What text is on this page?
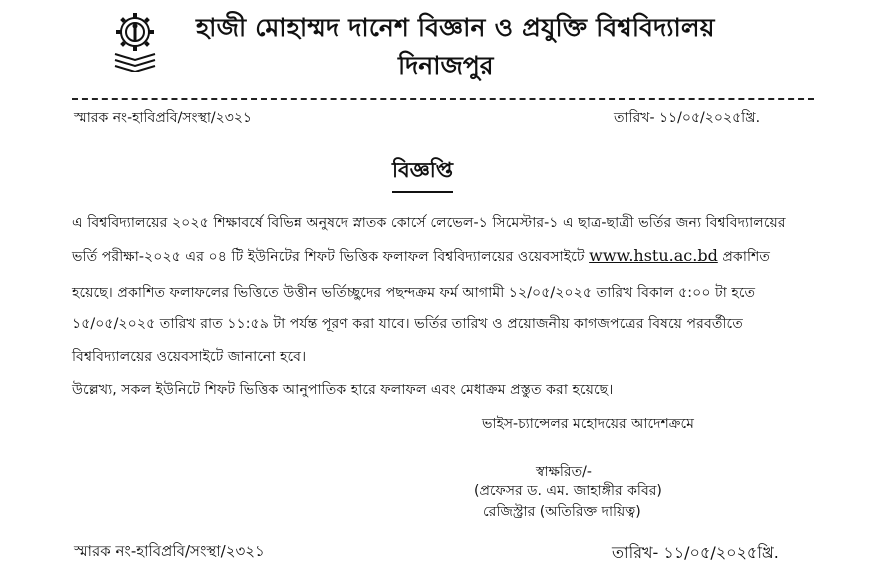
হাজী মোহাম্মদ দানেশ বিজ্ঞান ও প্রযুক্তি বিশ্ববিদ্যালয়
দিনাজপুর
স্মারক নং-হাবিপ্রবি/সংস্থা/২৩২১	তারিখ- ১১/০৫/২০২৫খ্রি.
বিজ্ঞপ্তি
এ বিশ্ববিদ্যালয়ের ২০২৫ শিক্ষাবর্ষে বিভিন্ন অনুষদে স্নাতক কোর্সে লেভেল-১ সিমেস্টার-১ এ ছাত্র-ছাত্রী ভর্তির জন্য বিশ্ববিদ্যালয়ের
ভর্তি পরীক্ষা-২০২৫ এর ০৪ টি ইউনিটের শিফট ভিত্তিক ফলাফল বিশ্ববিদ্যালয়ের ওয়েবসাইটে www.hstu.ac.bd প্রকাশিত
হয়েছে। প্রকাশিত ফলাফলের ভিত্তিতে উত্তীন ভর্তিচ্ছুদের পছন্দক্রম ফর্ম আগামী ১২/০৫/২০২৫ তারিখ বিকাল ৫:০০ টা হতে
১৫/০৫/২০২৫ তারিখ রাত ১১:৫৯ টা পর্যন্ত পূরণ করা যাবে। ভর্তির তারিখ ও প্রয়োজনীয় কাগজপত্রের বিষয়ে পরবর্তীতে
বিশ্ববিদ্যালয়ের ওয়েবসাইটে জানানো হবে।
উল্লেখ্য, সকল ইউনিটে শিফট ভিত্তিক আনুপাতিক হারে ফলাফল এবং মেধাক্রম প্রস্তুত করা হয়েছে।
ভাইস-চ্যান্সেলর মহোদয়ের আদেশক্রমে
স্বাক্ষরিত/-
(প্রফেসর ড. এম. জাহাঙ্গীর কবির)
রেজিস্ট্রার (অতিরিক্ত দায়িত্ব)
স্মারক নং-হাবিপ্রবি/সংস্থা/২৩২১	তারিখ- ১১/০৫/২০২৫খ্রি.
